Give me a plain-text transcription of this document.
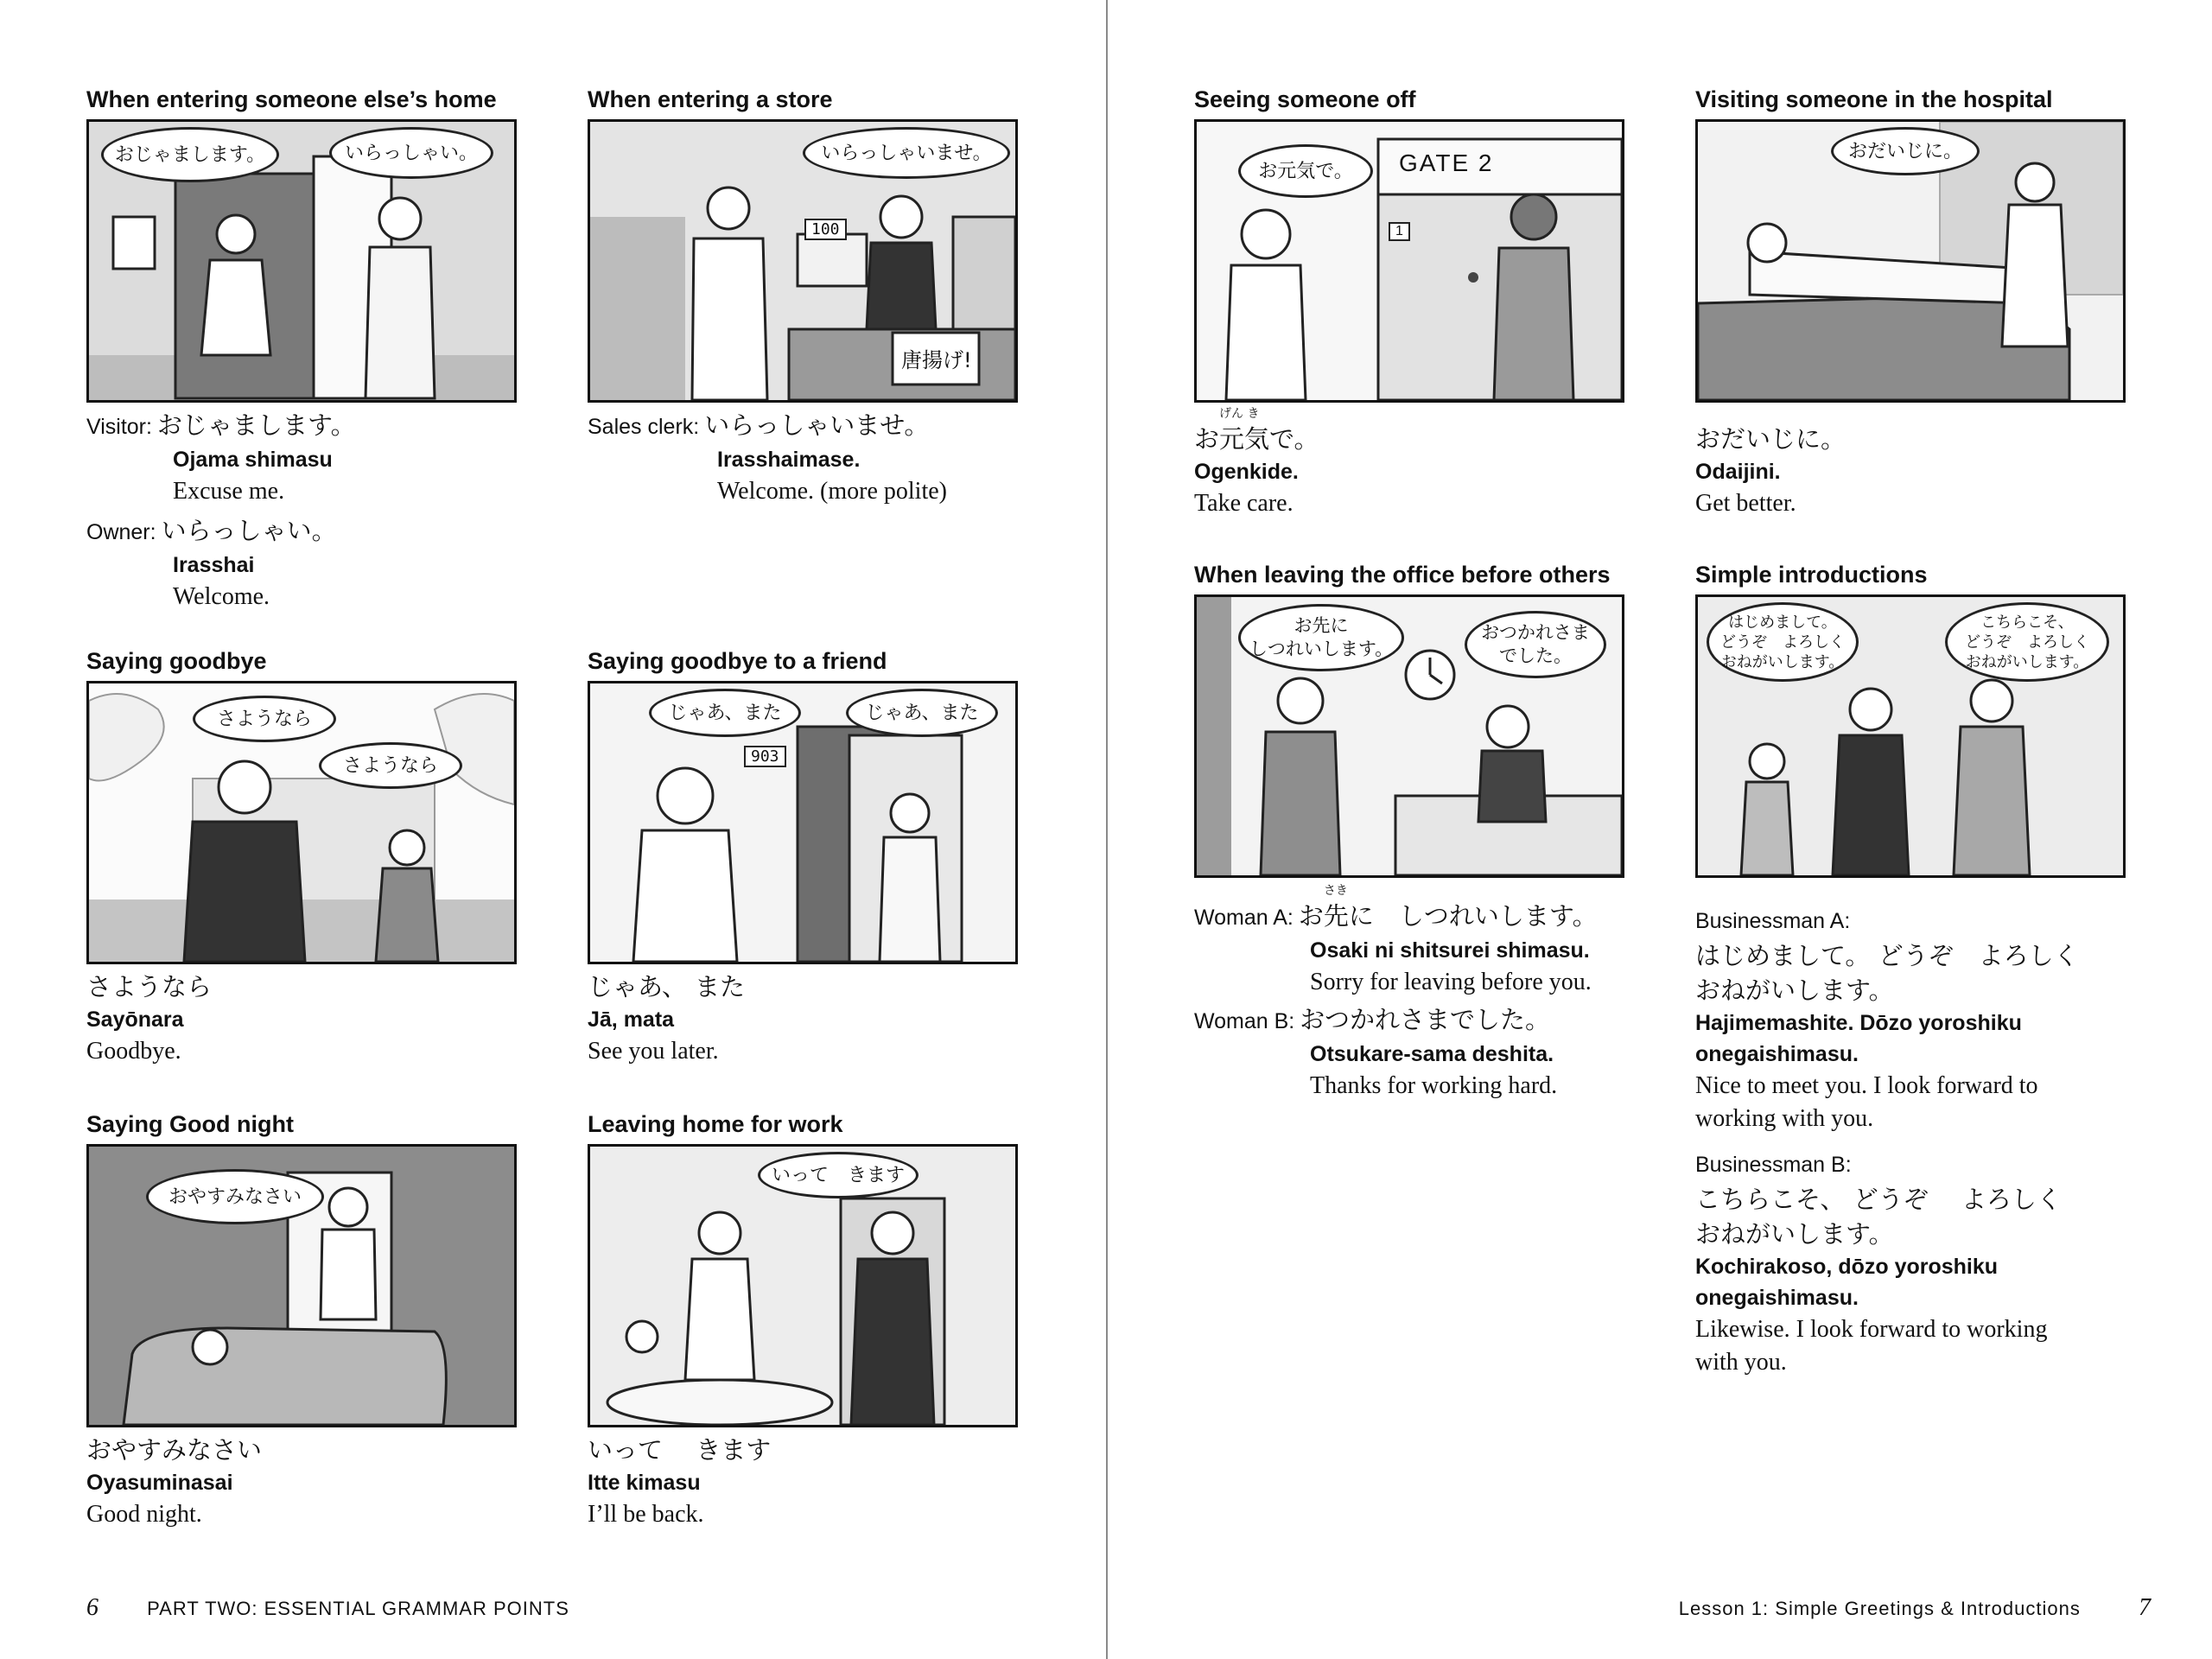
When entering someone else’s home
おじゃまします。	いらっしゃい。
Visitor: おじゃまします。
Ojama shimasu
Excuse me.
Owner: いらっしゃい。
Irasshai
Welcome.
When entering a store
唐揚げ!
100
いらっしゃいませ。
Sales clerk: いらっしゃいませ。
Irasshaimase.
Welcome. (more polite)
Saying goodbye
さようなら
さようなら
さようなら
Sayōnara
Goodbye.
Saying goodbye to a friend
903
じゃあ、また	じゃあ、また
じゃあ、 また
Jā, mata
See you later.
Saying Good night
おやすみなさい
おやすみなさい
Oyasuminasai
Good night.
Leaving home for work
いって　きます
いって　 きます
Itte kimasu
I’ll be back.
6	PART TWO: ESSENTIAL GRAMMAR POINTS
Seeing someone off
GATE 2
1
お元気で。
お
げん き
元気で。
Ogenkide.
Take care.
Visiting someone in the hospital
おだいじに。
おだいじに。
Odaijini.
Get better.
When leaving the office before others
お先に
しつれいします。
おつかれさま
でした。
Woman A: お
さき
先に　しつれいします。
Osaki ni shitsurei shimasu.
Sorry for leaving before you.
Woman B: おつかれさまでした。
Otsukare-sama deshita.
Thanks for working hard.
Simple introductions
はじめまして。
どうぞ　よろしく
おねがいします。
こちらこそ、
どうぞ　よろしく
おねがいします。
Businessman A:
はじめまして。 どうぞ　よろしく
おねがいします。
Hajimemashite. Dōzo yoroshiku
onegaishimasu.
Nice to meet you. I look forward to
working with you.
Businessman B:
こちらこそ、 どうぞ　 よろしく
おねがいします。
Kochirakoso, dōzo yoroshiku
onegaishimasu.
Likewise. I look forward to working
with you.
Lesson 1: Simple Greetings & Introductions 7
